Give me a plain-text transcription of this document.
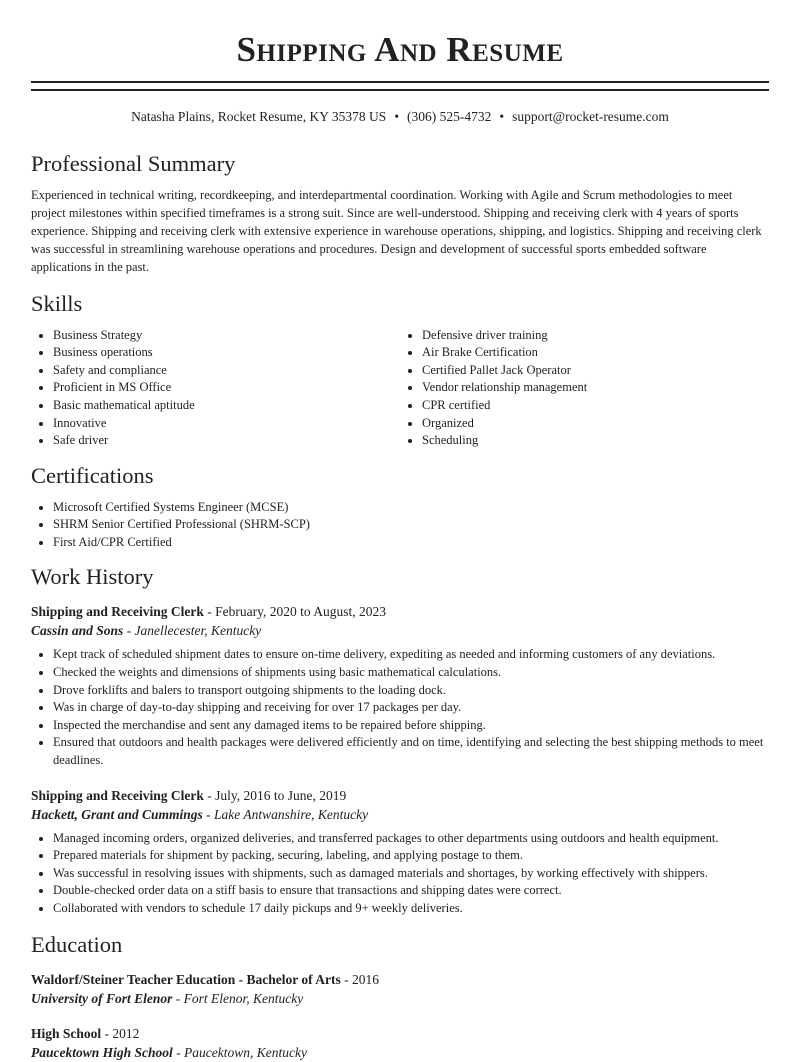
Shipping And Resume
Natasha Plains, Rocket Resume, KY 35378 US • (306) 525-4732 • support@rocket-resume.com
Professional Summary

Experienced in technical writing, recordkeeping, and interdepartmental coordination. Working with Agile and Scrum methodologies to meet project milestones within specified timeframes is a strong suit. Since are well-understood. Shipping and receiving clerk with 4 years of sports experience. Shipping and receiving clerk with extensive experience in warehouse operations, shipping, and logistics. Shipping and receiving clerk was successful in streamlining warehouse operations and procedures. Design and development of successful sports embedded software applications in the past.

Skills
• Business Strategy
• Business operations
• Safety and compliance
• Proficient in MS Office
• Basic mathematical aptitude
• Innovative
• Safe driver
• Defensive driver training
• Air Brake Certification
• Certified Pallet Jack Operator
• Vendor relationship management
• CPR certified
• Organized
• Scheduling
Certifications
• Microsoft Certified Systems Engineer (MCSE)
• SHRM Senior Certified Professional (SHRM-SCP)
• First Aid/CPR Certified
Work History
Shipping and Receiving Clerk - February, 2020 to August, 2023
Cassin and Sons - Janellecester, Kentucky
• Kept track of scheduled shipment dates to ensure on-time delivery, expediting as needed and informing customers of any deviations.
• Checked the weights and dimensions of shipments using basic mathematical calculations.
• Drove forklifts and balers to transport outgoing shipments to the loading dock.
• Was in charge of day-to-day shipping and receiving for over 17 packages per day.
• Inspected the merchandise and sent any damaged items to be repaired before shipping.
• Ensured that outdoors and health packages were delivered efficiently and on time, identifying and selecting the best shipping methods to meet deadlines.
Shipping and Receiving Clerk - July, 2016 to June, 2019
Hackett, Grant and Cummings - Lake Antwanshire, Kentucky
• Managed incoming orders, organized deliveries, and transferred packages to other departments using outdoors and health equipment.
• Prepared materials for shipment by packing, securing, labeling, and applying postage to them.
• Was successful in resolving issues with shipments, such as damaged materials and shortages, by working effectively with shippers.
• Double-checked order data on a stiff basis to ensure that transactions and shipping dates were correct.
• Collaborated with vendors to schedule 17 daily pickups and 9+ weekly deliveries.
Education
Waldorf/Steiner Teacher Education - Bachelor of Arts - 2016
University of Fort Elenor - Fort Elenor, Kentucky
High School - 2012
Paucektown High School - Paucektown, Kentucky
